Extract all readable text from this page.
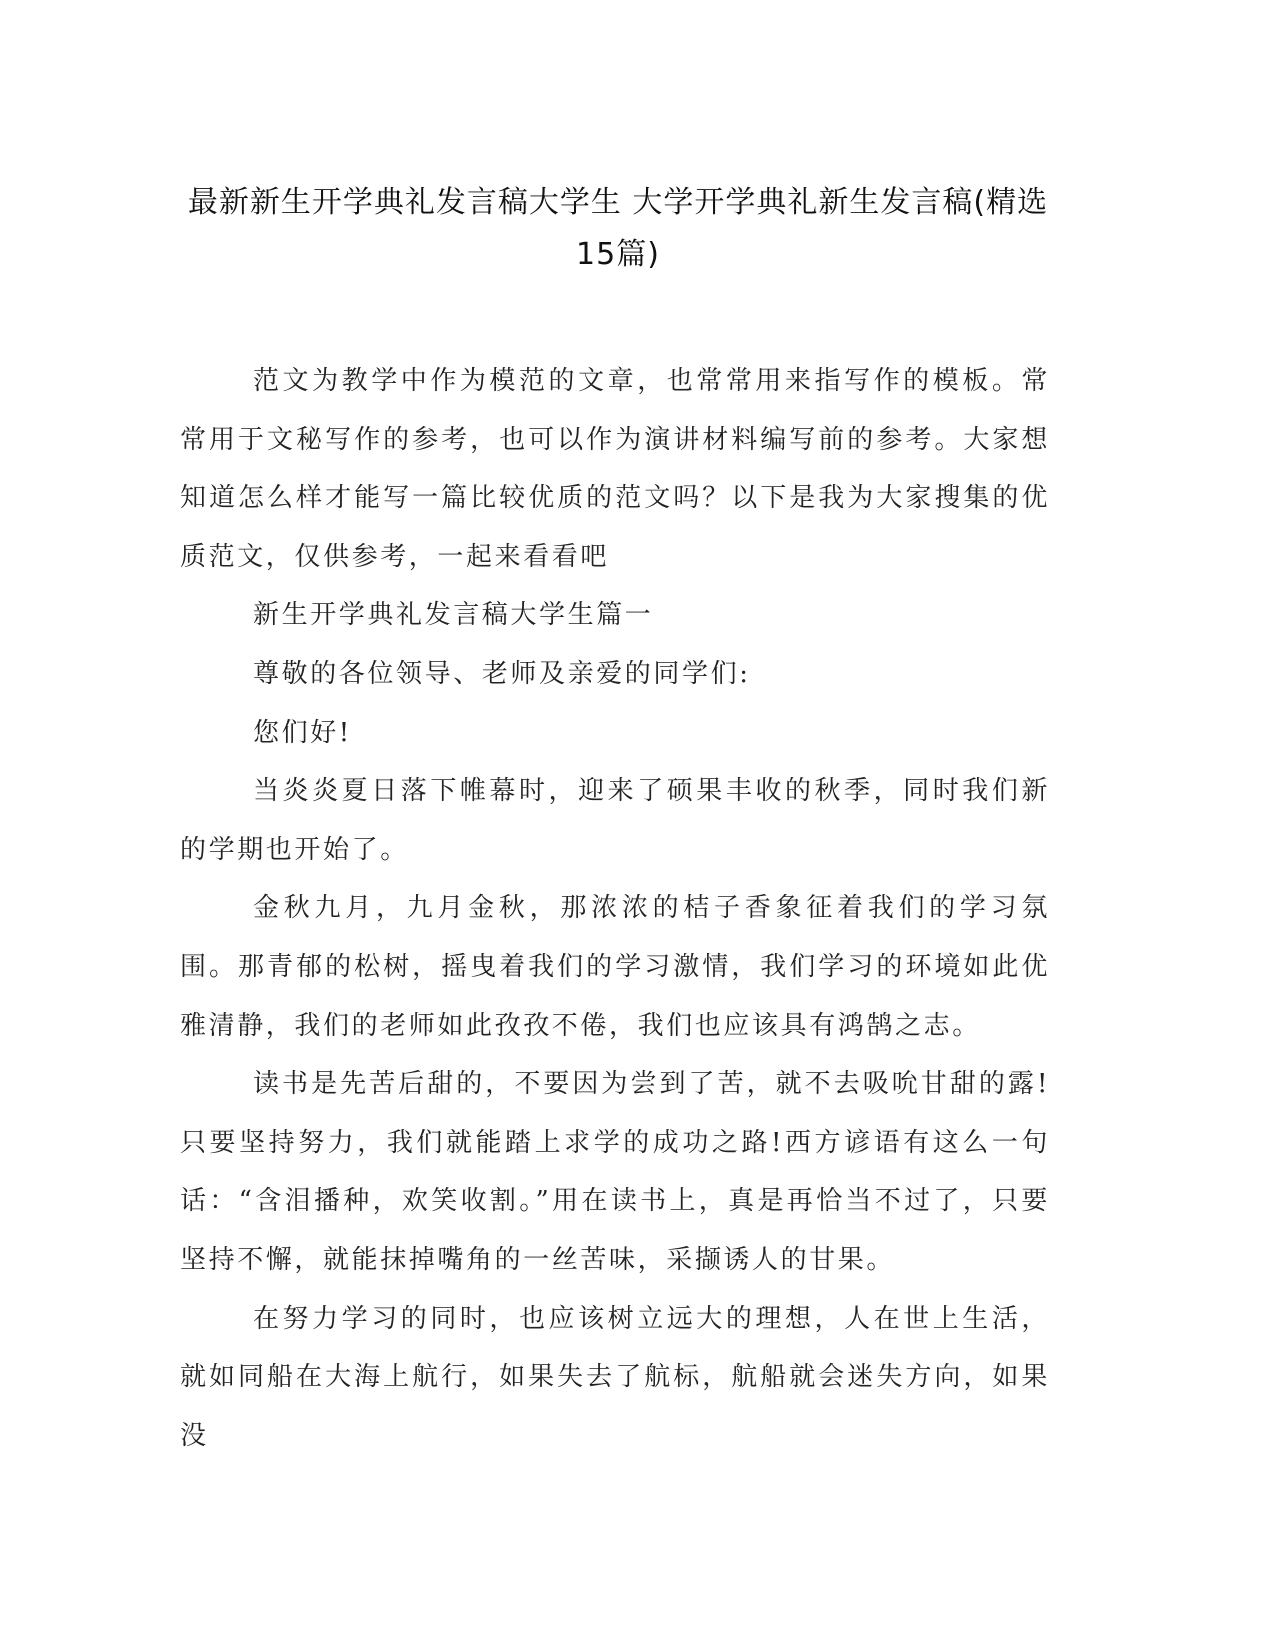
最新新生开学典礼发言稿大学生 大学开学典礼新生发言稿(精选15篇)

范文为教学中作为模范的文章，也常常用来指写作的模板。常常用于文秘写作的参考，也可以作为演讲材料编写前的参考。大家想知道怎么样才能写一篇比较优质的范文吗？以下是我为大家搜集的优质范文，仅供参考，一起来看看吧

新生开学典礼发言稿大学生篇一

尊敬的各位领导、老师及亲爱的同学们:

您们好!

当炎炎夏日落下帷幕时，迎来了硕果丰收的秋季，同时我们新的学期也开始了。

金秋九月，九月金秋，那浓浓的桔子香象征着我们的学习氛围。那青郁的松树，摇曳着我们的学习激情，我们学习的环境如此优雅清静，我们的老师如此孜孜不倦，我们也应该具有鸿鹄之志。

读书是先苦后甜的，不要因为尝到了苦，就不去吸吮甘甜的露!只要坚持努力，我们就能踏上求学的成功之路!西方谚语有这么一句话：“含泪播种，欢笑收割。”用在读书上，真是再恰当不过了，只要坚持不懈，就能抹掉嘴角的一丝苦味，采撷诱人的甘果。

在努力学习的同时，也应该树立远大的理想，人在世上生活，就如同船在大海上航行，如果失去了航标，航船就会迷失方向，如果没
